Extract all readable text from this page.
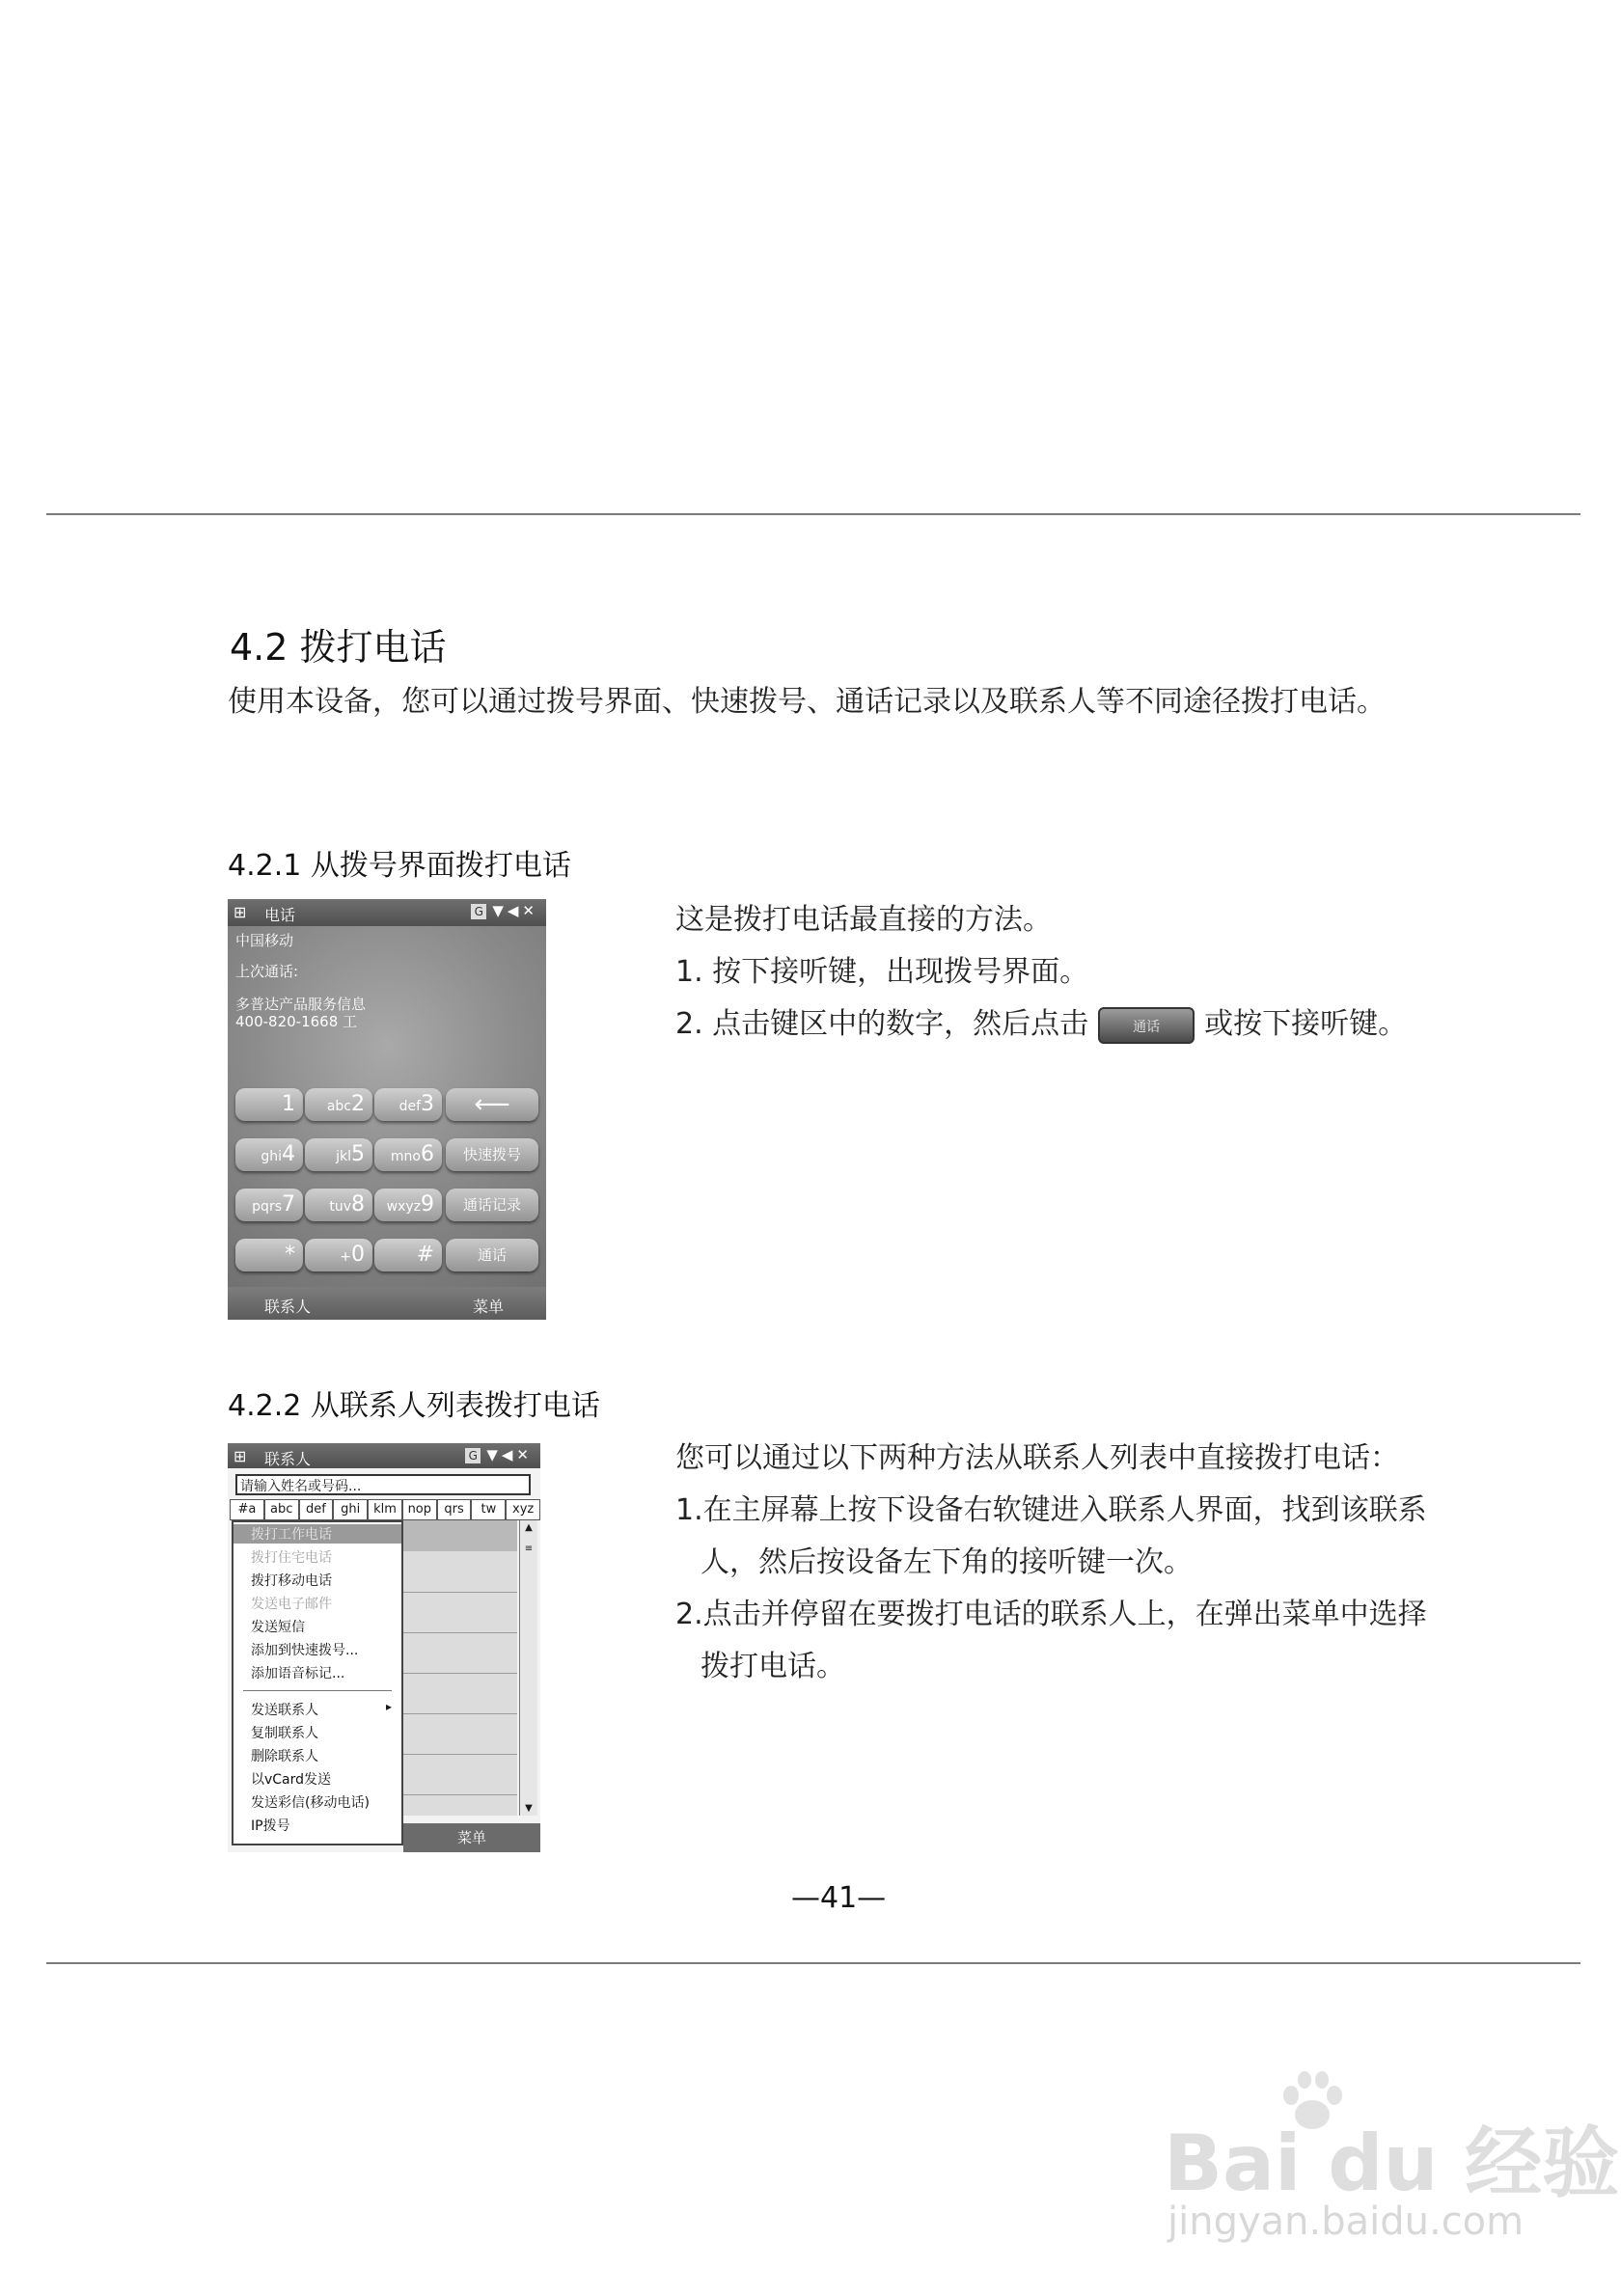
4.2 拨打电话
使用本设备，您可以通过拨号界面、快速拨号、通话记录以及联系人等不同途径拨打电话。
4.2.1 从拨号界面拨打电话
⊞ 电话	G ▼◀✕
中国移动
上次通话:
多普达产品服务信息
400-820-1668 工
1	abc2	def3
ghi4	jkl5	mno6
pqrs7	tuv8	wxyz9
*	+0	#
⟵
快速拨号
通话记录
通话
联系人	菜单

这是拨打电话最直接的方法。

1. 按下接听键，出现拨号界面。

2. 点击键区中的数字，然后点击	通话 或按下接听键。

4.2.2 从联系人列表拨打电话
⊞ 联系人	G ▼◀✕
请输入姓名或号码...
#a	abc	def	ghi	klm nop	qrs	tw	xyz
▲
≡
▼
拨打工作电话
拨打住宅电话
拨打移动电话
发送电子邮件
发送短信
添加到快速拨号...
添加语音标记...
发送联系人	▸
复制联系人
删除联系人
以vCard发送
发送彩信(移动电话)
IP拨号
菜单

您可以通过以下两种方法从联系人列表中直接拨打电话：

1.在主屏幕上按下设备右软键进入联系人界面，找到该联系

人，然后按设备左下角的接听键一次。

2.点击并停留在要拨打电话的联系人上，在弹出菜单中选择

拨打电话。

—41—
Bai du 经验
jingyan.baidu.com
